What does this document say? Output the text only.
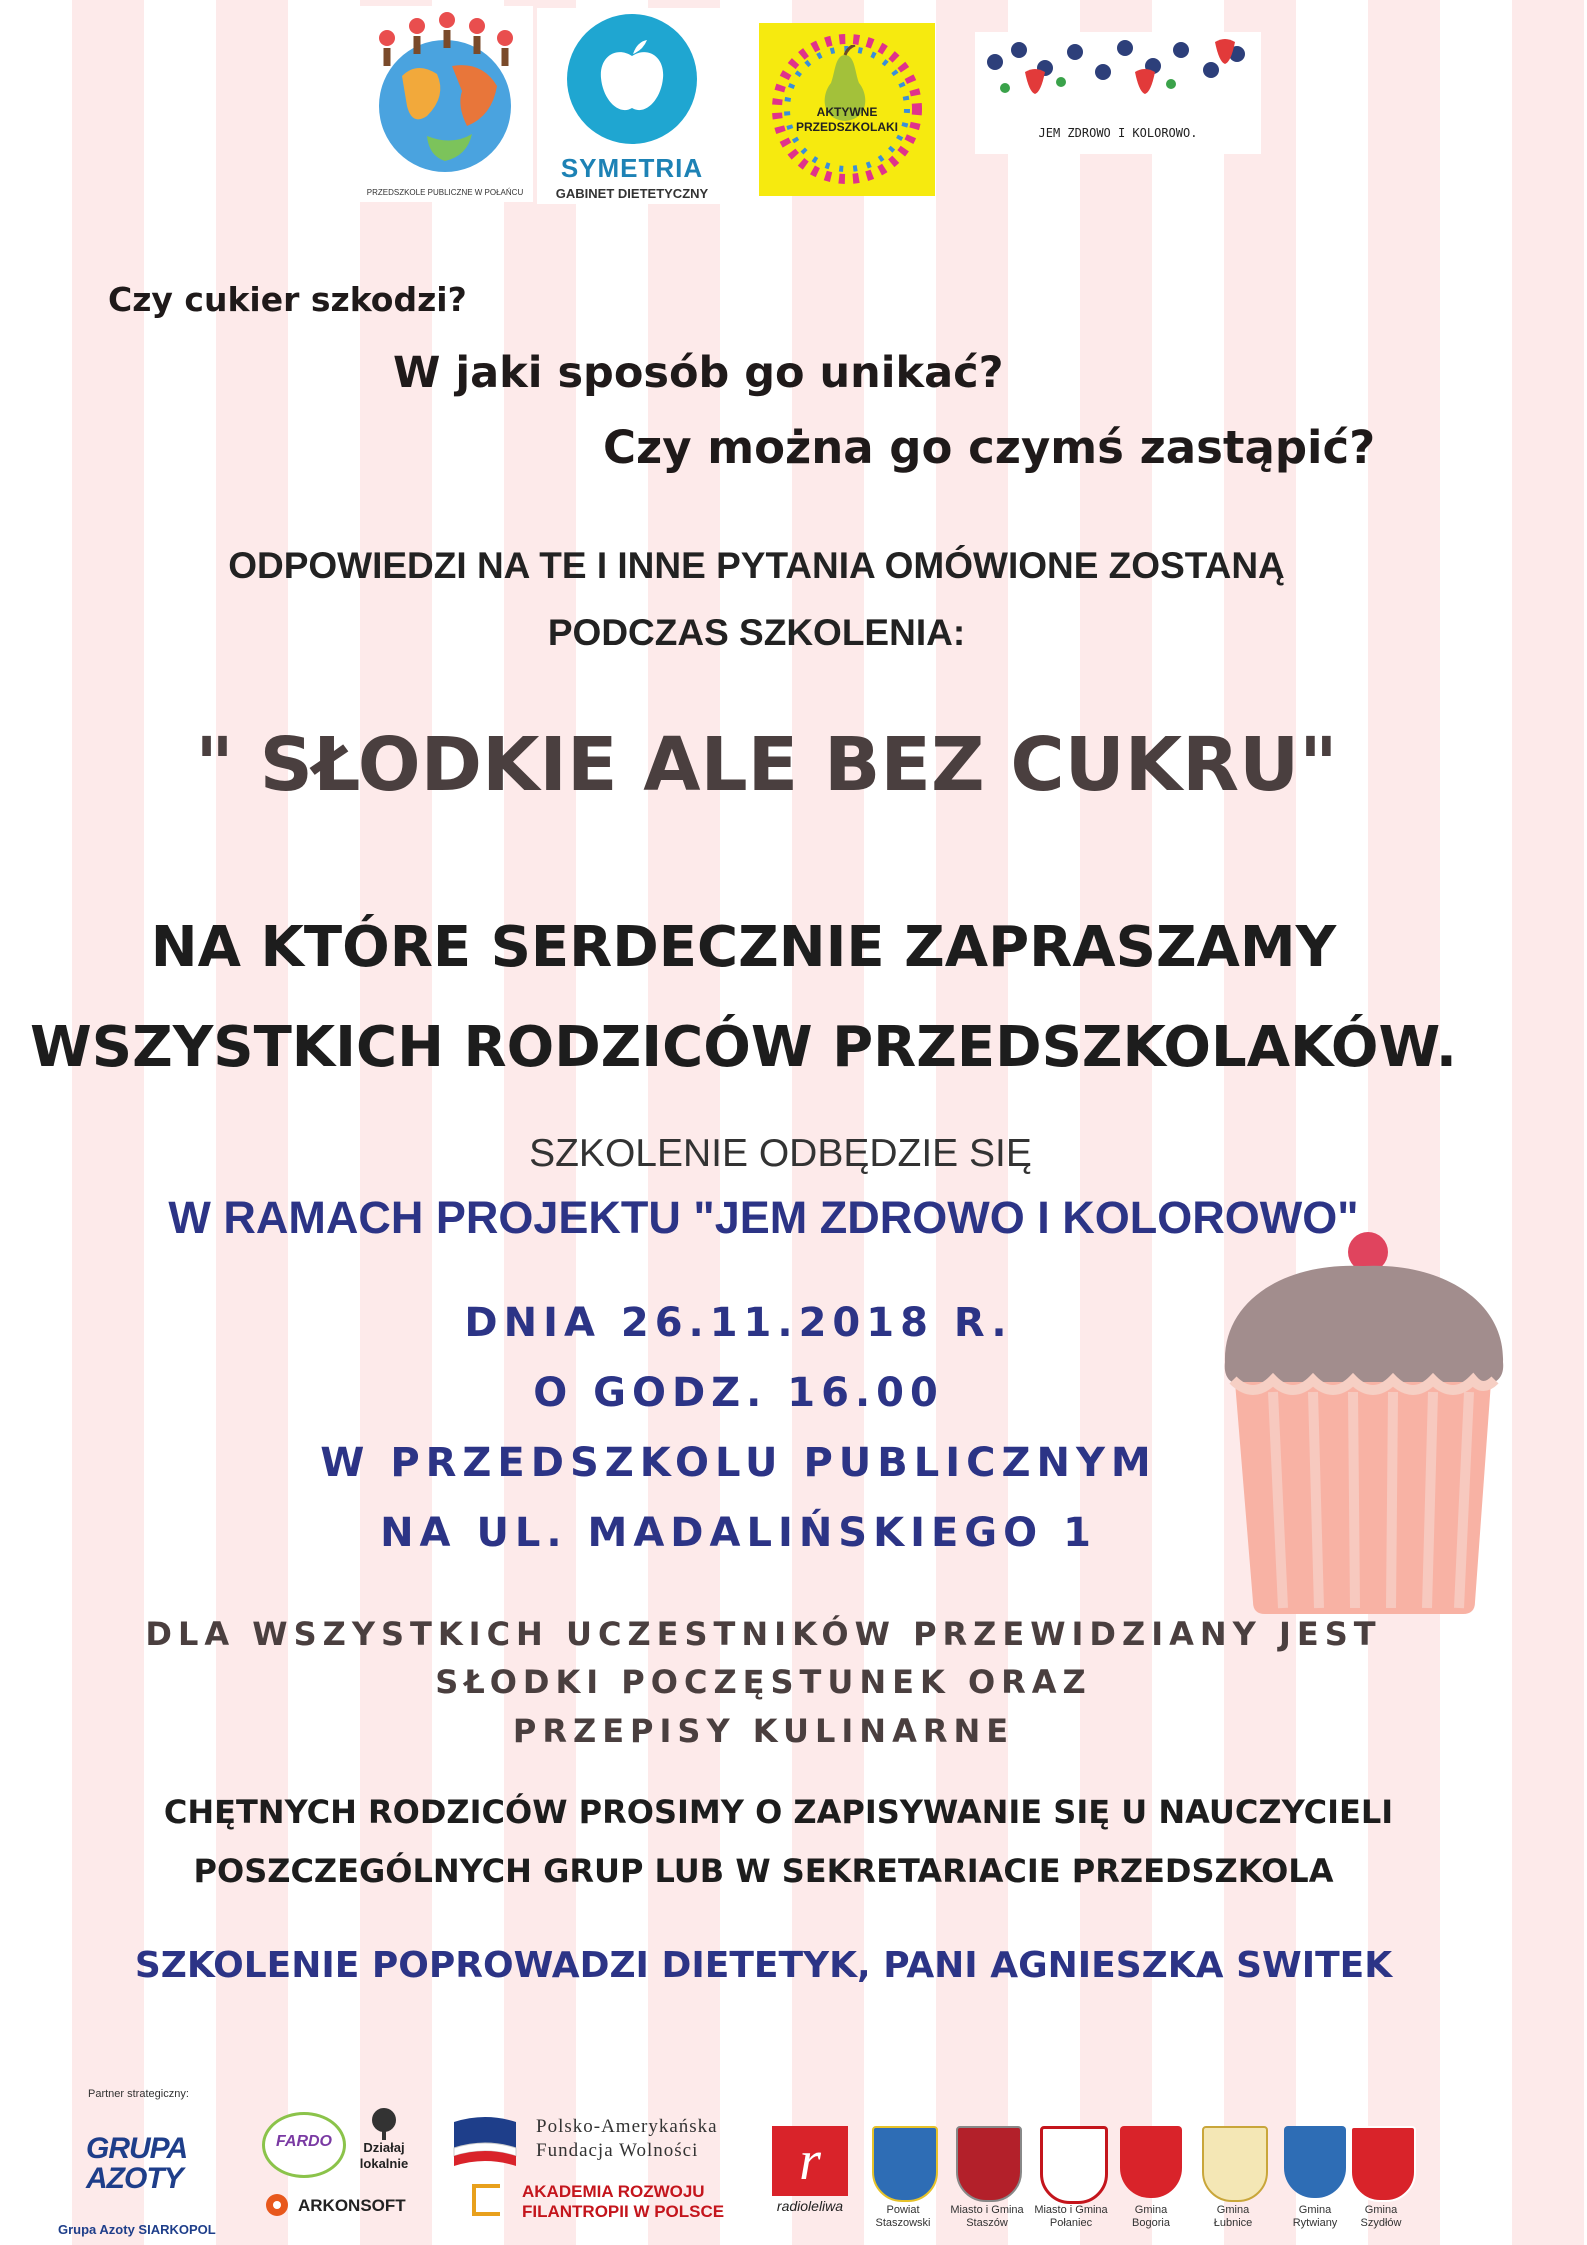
PRZEDSZKOLE PUBLICZNE W POŁAŃCU
SYMETRIA
GABINET DIETETYCZNY
AKTYWNE
PRZEDSZKOLAKI	JEM ZDROWO I KOLOROWO.
Czy cukier szkodzi?
W jaki sposób go unikać?
Czy można go czymś zastąpić?
ODPOWIEDZI NA TE I INNE PYTANIA OMÓWIONE ZOSTANĄ
PODCZAS SZKOLENIA:
" SŁODKIE ALE BEZ CUKRU"
NA KTÓRE SERDECZNIE ZAPRASZAMY
WSZYSTKICH RODZICÓW PRZEDSZKOLAKÓW.
SZKOLENIE ODBĘDZIE SIĘ
W RAMACH PROJEKTU "JEM ZDROWO I KOLOROWO"
DNIA 26.11.2018 R.
O GODZ. 16.00
W PRZEDSZKOLU PUBLICZNYM
NA UL. MADALIŃSKIEGO 1
DLA WSZYSTKICH UCZESTNIKÓW PRZEWIDZIANY JEST
SŁODKI POCZĘSTUNEK ORAZ
PRZEPISY KULINARNE
CHĘTNYCH RODZICÓW PROSIMY O ZAPISYWANIE SIĘ U NAUCZYCIELI
POSZCZEGÓLNYCH GRUP LUB W SEKRETARIACIE PRZEDSZKOLA
SZKOLENIE POPROWADZI DIETETYK, PANI AGNIESZKA SWITEK
Partner strategiczny:
GRUPA
AZOTY
Grupa Azoty SIARKOPOL
FARDO	Działaj
lokalnie
ARKONSOFT
Polsko-Amerykańska
Fundacja Wolności
AKADEMIA ROZWOJU
FILANTROPII W POLSCE
r
radioleliwa	Powiat
Staszowski
Miasto i Gmina
Staszów
Miasto i Gmina
Połaniec
Gmina
Bogoria
Gmina
Łubnice
Gmina
Rytwiany
Gmina
Szydłów
